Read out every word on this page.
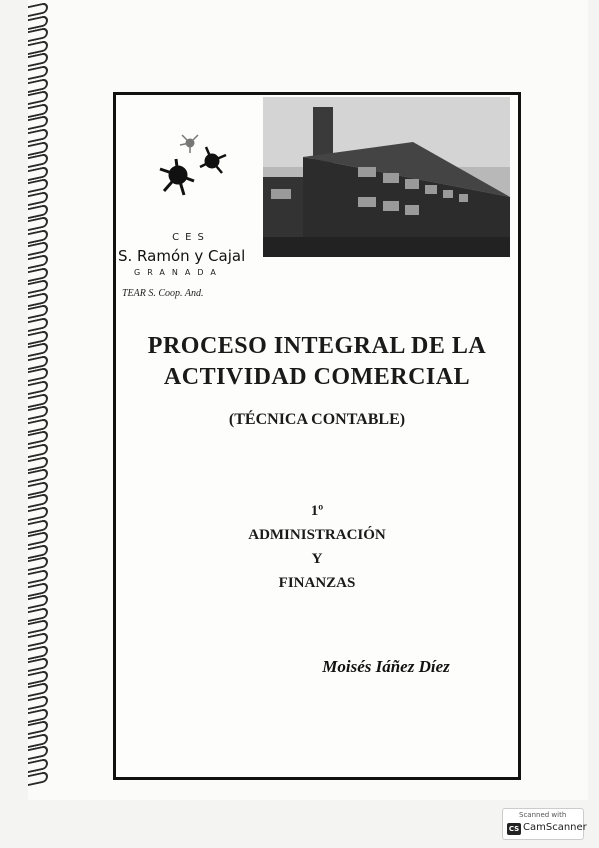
CES
S. Ramón y Cajal
GRANADA
TEAR S. Coop. And.
PROCESO INTEGRAL DE LA
ACTIVIDAD COMERCIAL
(TÉCNICA CONTABLE)
1º
ADMINISTRACIÓN
Y
FINANZAS
Moisés Iáñez Díez
Scanned with
CS CamScanner
